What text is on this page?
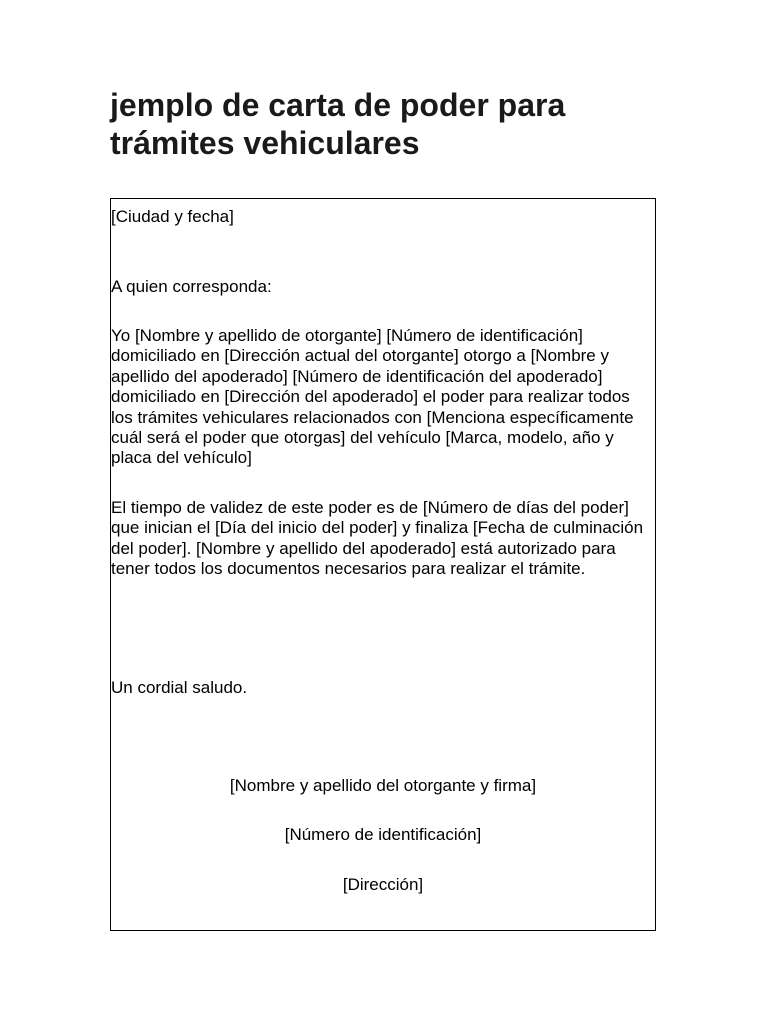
jemplo de carta de poder para trámites vehiculares

[Ciudad y fecha]

A quien corresponda:

Yo [Nombre y apellido de otorgante] [Número de identificación] domiciliado en [Dirección actual del otorgante] otorgo a [Nombre y apellido del apoderado] [Número de identificación del apoderado] domiciliado en [Dirección del apoderado] el poder para realizar todos los trámites vehiculares relacionados con [Menciona específicamente cuál será el poder que otorgas] del vehículo [Marca, modelo, año y placa del vehículo]

El tiempo de validez de este poder es de [Número de días del poder] que inician el [Día del inicio del poder] y finaliza [Fecha de culminación del poder]. [Nombre y apellido del apoderado] está autorizado para tener todos los documentos necesarios para realizar el trámite.

Un cordial saludo.

[Nombre y apellido del otorgante y firma]

[Número de identificación]

[Dirección]
